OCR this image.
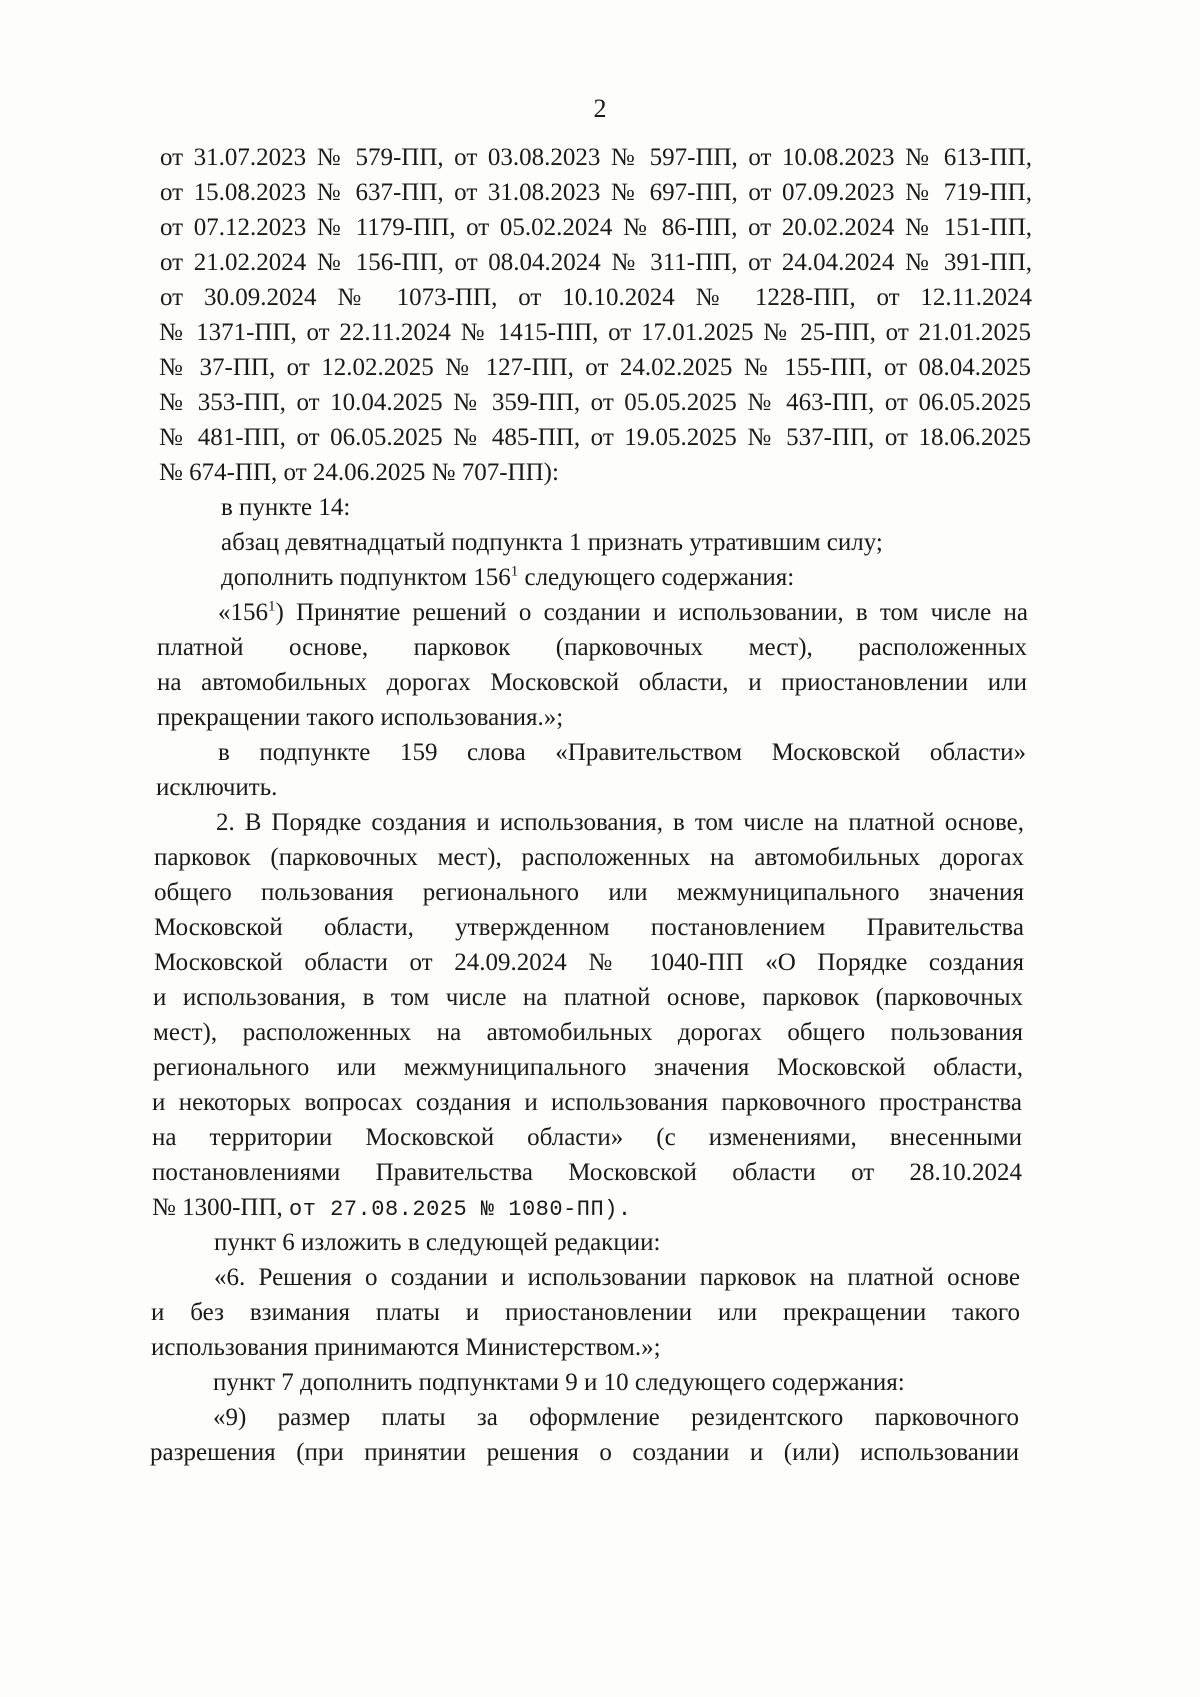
2
от 31.07.2023 № 579-ПП, от 03.08.2023 № 597-ПП, от 10.08.2023 № 613-ПП,
от 15.08.2023 № 637-ПП, от 31.08.2023 № 697-ПП, от 07.09.2023 № 719-ПП,
от 07.12.2023 № 1179-ПП, от 05.02.2024 № 86-ПП, от 20.02.2024 № 151-ПП,
от 21.02.2024 № 156-ПП, от 08.04.2024 № 311-ПП, от 24.04.2024 № 391-ПП,
от 30.09.2024 № 1073-ПП, от 10.10.2024 № 1228-ПП, от 12.11.2024
№ 1371-ПП, от 22.11.2024 № 1415-ПП, от 17.01.2025 № 25-ПП, от 21.01.2025
№ 37-ПП, от 12.02.2025 № 127-ПП, от 24.02.2025 № 155-ПП, от 08.04.2025
№ 353-ПП, от 10.04.2025 № 359-ПП, от 05.05.2025 № 463-ПП, от 06.05.2025
№ 481-ПП, от 06.05.2025 № 485-ПП, от 19.05.2025 № 537-ПП, от 18.06.2025
№ 674-ПП, от 24.06.2025 № 707-ПП):
в пункте 14:
абзац девятнадцатый подпункта 1 признать утратившим силу;
дополнить подпунктом $156^1$ следующего содержания:
«$156^1$) Принятие решений о создании и использовании, в том числе на
платной основе, парковок (парковочных мест), расположенных
на автомобильных дорогах Московской области, и приостановлении или
прекращении такого использования.»;
в подпункте 159 слова «Правительством Московской области»
исключить.
2. В Порядке создания и использования, в том числе на платной основе,
парковок (парковочных мест), расположенных на автомобильных дорогах
общего пользования регионального или межмуниципального значения
Московской области, утвержденном постановлением Правительства
Московской области от 24.09.2024 № 1040-ПП «О Порядке создания
и использования, в том числе на платной основе, парковок (парковочных
мест), расположенных на автомобильных дорогах общего пользования
регионального или межмуниципального значения Московской области,
и некоторых вопросах создания и использования парковочного пространства
на территории Московской области» (с изменениями, внесенными
постановлениями Правительства Московской области от 28.10.2024
№ 1300-ПП, от 27.08.2025 № 1080-ПП).
пункт 6 изложить в следующей редакции:
«6. Решения о создании и использовании парковок на платной основе
и без взимания платы и приостановлении или прекращении такого
использования принимаются Министерством.»;
пункт 7 дополнить подпунктами 9 и 10 следующего содержания:
«9) размер платы за оформление резидентского парковочного
разрешения (при принятии решения о создании и (или) использовании
